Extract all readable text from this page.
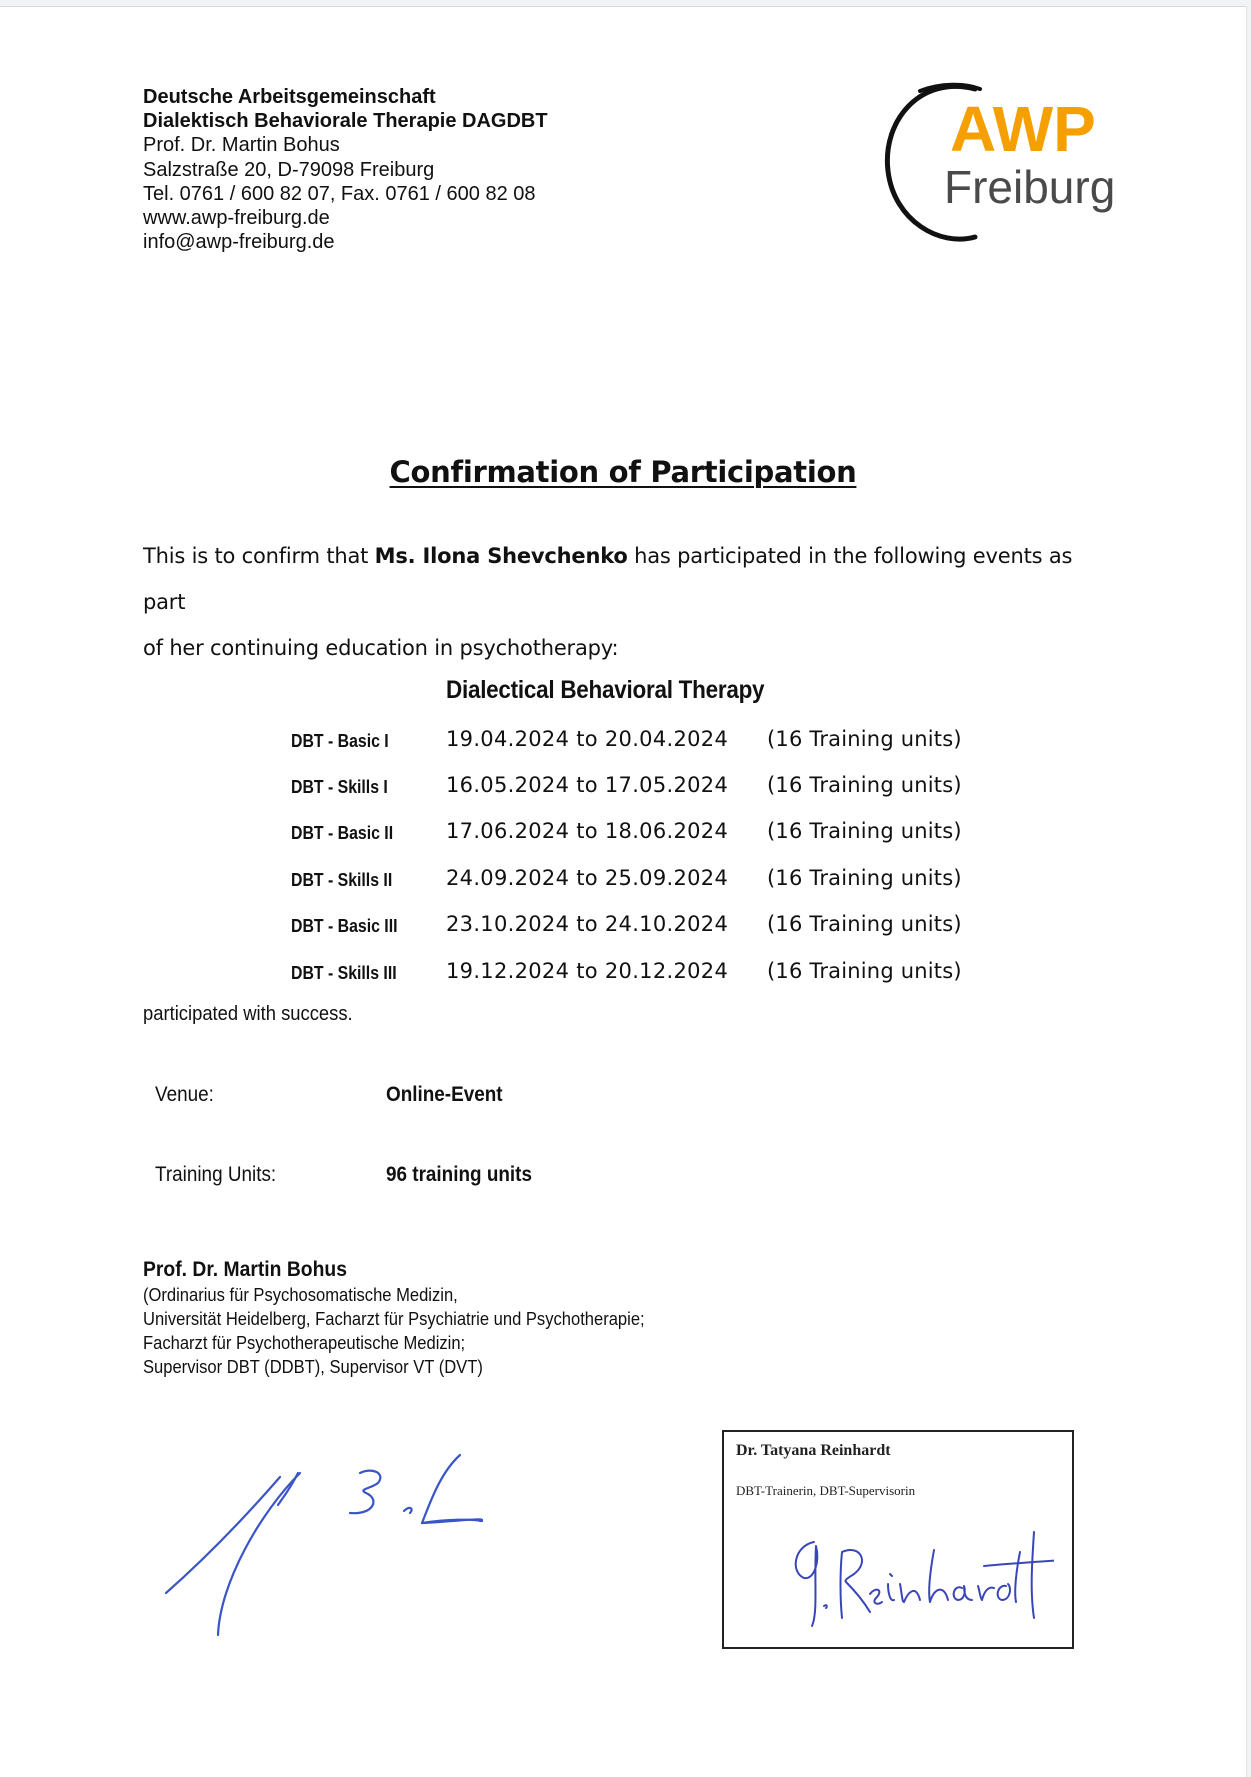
Deutsche Arbeitsgemeinschaft
Dialektisch Behaviorale Therapie DAGDBT
Prof. Dr. Martin Bohus
Salzstraße 20, D-79098 Freiburg
Tel. 0761 / 600 82 07, Fax. 0761 / 600 82 08
www.awp-freiburg.de
info@awp-freiburg.de
AWP
Freiburg
Confirmation of Participation
This is to confirm that Ms. Ilona Shevchenko has participated in the following events as part
of her continuing education in psychotherapy:
Dialectical Behavioral Therapy
DBT - Basic I	19.04.2024 to 20.04.2024 (16 Training units)
DBT - Skills I	16.05.2024 to 17.05.2024 (16 Training units)
DBT - Basic II	17.06.2024 to 18.06.2024 (16 Training units)
DBT - Skills II	24.09.2024 to 25.09.2024 (16 Training units)
DBT - Basic III 23.10.2024 to 24.10.2024 (16 Training units)
DBT - Skills III 19.12.2024 to 20.12.2024 (16 Training units)
participated with success.
Venue:	Online-Event
Training Units:	96 training units
Prof. Dr. Martin Bohus
(Ordinarius für Psychosomatische Medizin,
Universität Heidelberg, Facharzt für Psychiatrie und Psychotherapie;
Facharzt für Psychotherapeutische Medizin;
Supervisor DBT (DDBT), Supervisor VT (DVT)
Dr. Tatyana Reinhardt
DBT-Trainerin, DBT-Supervisorin
